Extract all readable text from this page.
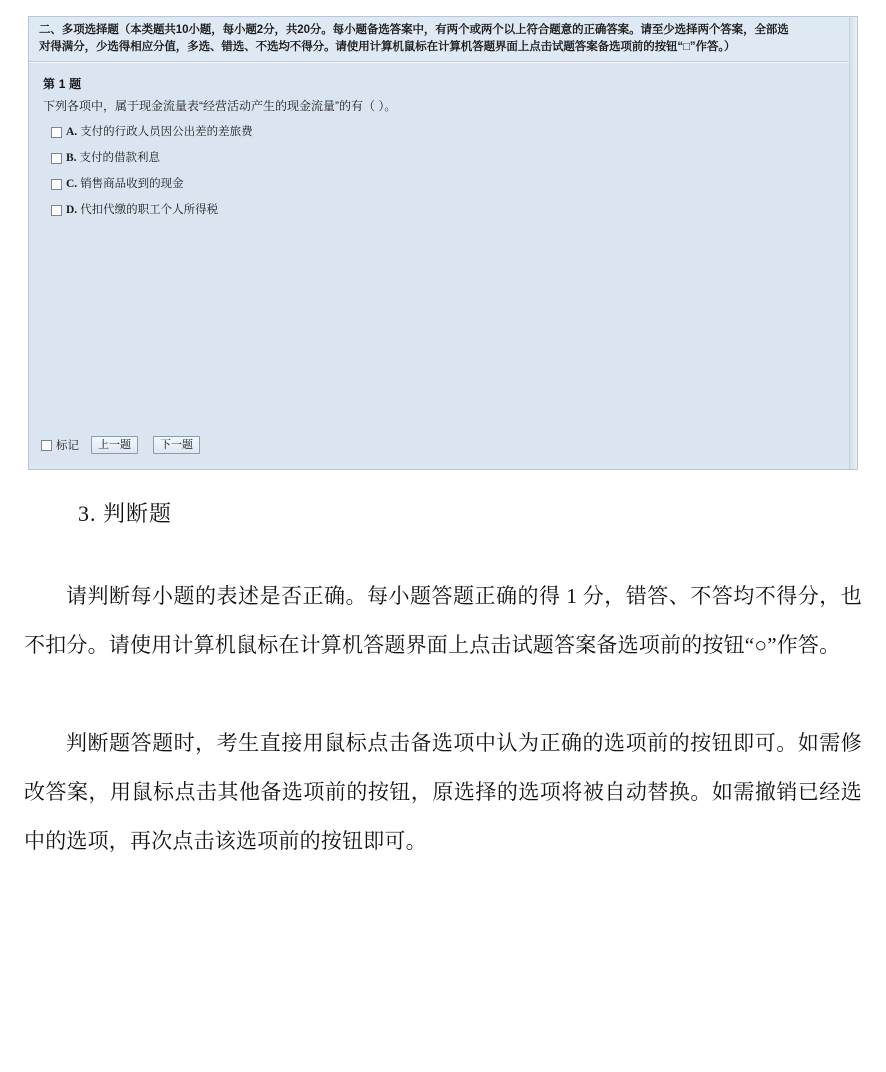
二、多项选择题（本类题共10小题，每小题2分，共20分。每小题备选答案中，有两个或两个以上符合题意的正确答案。请至少选择两个答案，全部选

对得满分，少选得相应分值，多选、错选、不选均不得分。请使用计算机鼠标在计算机答题界面上点击试题答案备选项前的按钮“□”作答。）

第 1 题
下列各项中，属于现金流量表“经营活动产生的现金流量”的有（ ）。
A. 支付的行政人员因公出差的差旅费
B. 支付的借款利息
C. 销售商品收到的现金
D. 代扣代缴的职工个人所得税
标记	上一题	下一题
3. 判断题

请判断每小题的表述是否正确。每小题答题正确的得 1 分，错答、不答均不得分，也不扣分。请使用计算机鼠标在计算机答题界面上点击试题答案备选项前的按钮“○”作答。

判断题答题时，考生直接用鼠标点击备选项中认为正确的选项前的按钮即可。如需修改答案，用鼠标点击其他备选项前的按钮，原选择的选项将被自动替换。如需撤销已经选中的选项，再次点击该选项前的按钮即可。
